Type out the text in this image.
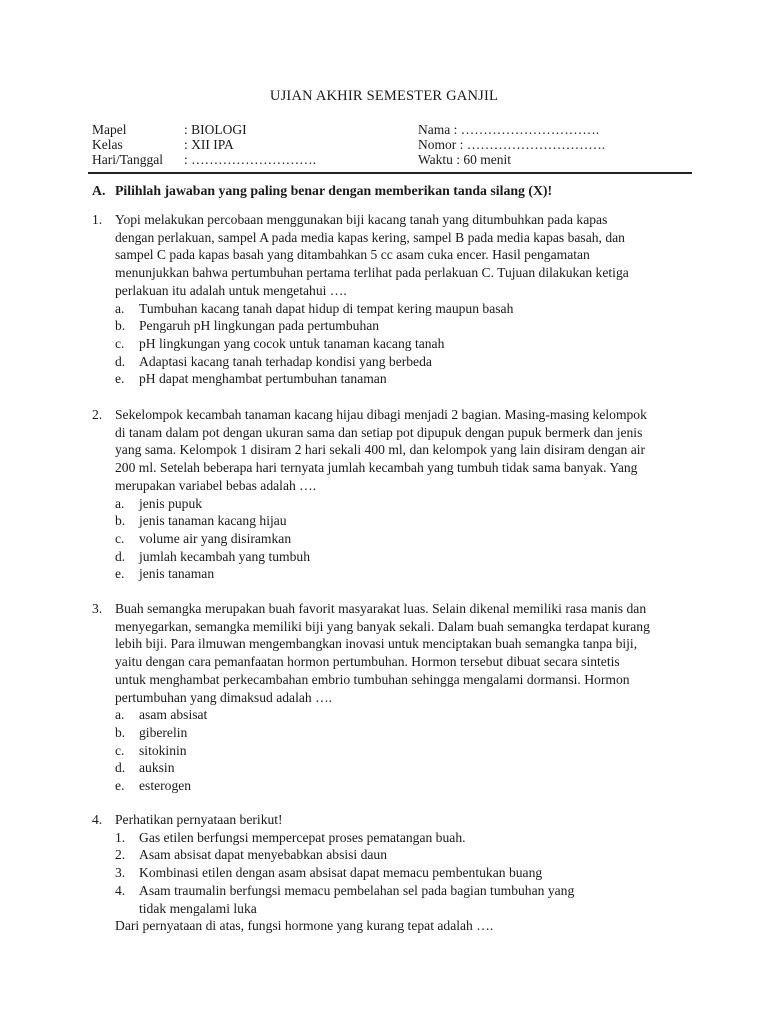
UJIAN AKHIR SEMESTER GANJIL
Mapel	: BIOLOGI
Kelas	: XII IPA
Hari/Tanggal : ……………………….
Nama : ………………………….
Nomor : ………………………….
Waktu : 60 menit
A. Pilihlah jawaban yang paling benar dengan memberikan tanda silang (X)!
1. Yopi melakukan percobaan menggunakan biji kacang tanah yang ditumbuhkan pada kapas
dengan perlakuan, sampel A pada media kapas kering, sampel B pada media kapas basah, dan
sampel C pada kapas basah yang ditambahkan 5 cc asam cuka encer. Hasil pengamatan
menunjukkan bahwa pertumbuhan pertama terlihat pada perlakuan C. Tujuan dilakukan ketiga
perlakuan itu adalah untuk mengetahui ….
a. Tumbuhan kacang tanah dapat hidup di tempat kering maupun basah
b. Pengaruh pH lingkungan pada pertumbuhan
c. pH lingkungan yang cocok untuk tanaman kacang tanah
d. Adaptasi kacang tanah terhadap kondisi yang berbeda
e. pH dapat menghambat pertumbuhan tanaman
2. Sekelompok kecambah tanaman kacang hijau dibagi menjadi 2 bagian. Masing-masing kelompok
di tanam dalam pot dengan ukuran sama dan setiap pot dipupuk dengan pupuk bermerk dan jenis
yang sama. Kelompok 1 disiram 2 hari sekali 400 ml, dan kelompok yang lain disiram dengan air
200 ml. Setelah beberapa hari ternyata jumlah kecambah yang tumbuh tidak sama banyak. Yang
merupakan variabel bebas adalah ….
a. jenis pupuk
b. jenis tanaman kacang hijau
c. volume air yang disiramkan
d. jumlah kecambah yang tumbuh
e. jenis tanaman
3. Buah semangka merupakan buah favorit masyarakat luas. Selain dikenal memiliki rasa manis dan
menyegarkan, semangka memiliki biji yang banyak sekali. Dalam buah semangka terdapat kurang
lebih biji. Para ilmuwan mengembangkan inovasi untuk menciptakan buah semangka tanpa biji,
yaitu dengan cara pemanfaatan hormon pertumbuhan. Hormon tersebut dibuat secara sintetis
untuk menghambat perkecambahan embrio tumbuhan sehingga mengalami dormansi. Hormon
pertumbuhan yang dimaksud adalah ….
a. asam absisat
b. giberelin
c. sitokinin
d. auksin
e. esterogen
4. Perhatikan pernyataan berikut!
1. Gas etilen berfungsi mempercepat proses pematangan buah.
2. Asam absisat dapat menyebabkan absisi daun
3. Kombinasi etilen dengan asam absisat dapat memacu pembentukan buang
4. Asam traumalin berfungsi memacu pembelahan sel pada bagian tumbuhan yang tidak mengalami luka
Dari pernyataan di atas, fungsi hormone yang kurang tepat adalah ….
